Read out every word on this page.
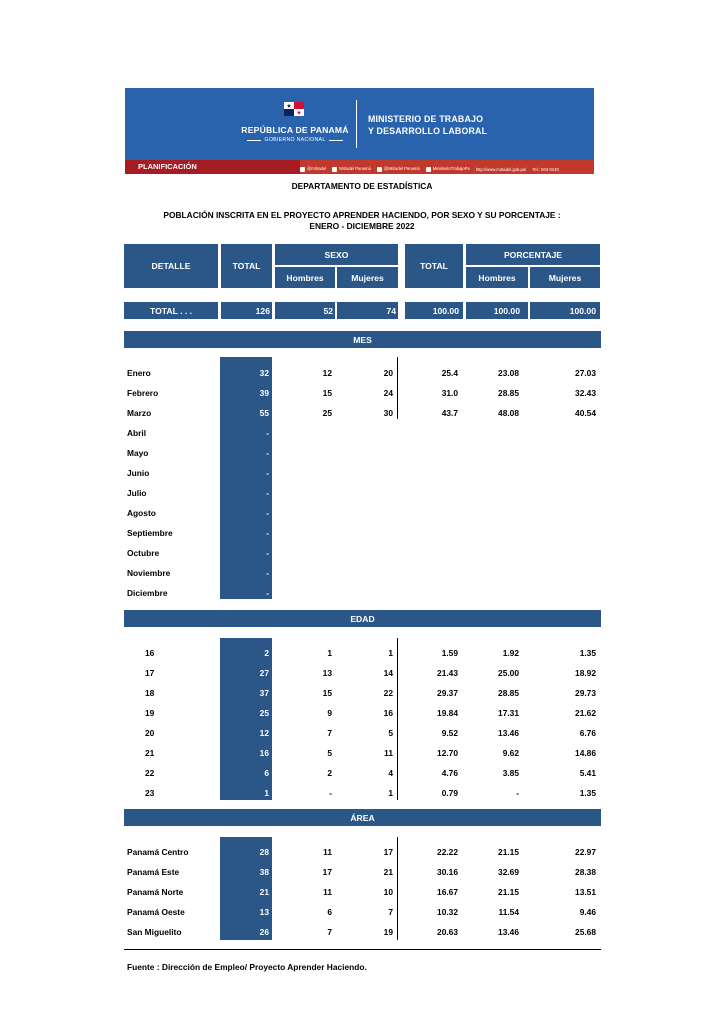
REPÚBLICA DE PANAMÁ
GOBIERNO NACIONAL
MINISTERIO DE TRABAJO
Y DESARROLLO LABORAL
PLANIFICACIÓN	@mitradel	Mitradel Panamá	@Mitradel Panamá	MinisterioTrabajoPa http://www.mitradel.gob.pa/ Tel.: 504-0240
DEPARTAMENTO DE ESTADÍSTICA
POBLACIÓN INSCRITA EN EL PROYECTO APRENDER HACIENDO, POR SEXO Y SU PORCENTAJE :
ENERO - DICIEMBRE 2022
DETALLE	TOTAL
SEXO
Hombres	Mujeres
TOTAL
PORCENTAJE
Hombres	Mujeres
TOTAL . . .	126	52	74	100.00	100.00	100.00
MES
Enero	32	12	20	25.4	23.08	27.03
Febrero	39	15	24	31.0	28.85	32.43
Marzo	55	25	30	43.7	48.08	40.54
Abril	-
Mayo	-
Junio	-
Julio	-
Agosto	-
Septiembre	-
Octubre	-
Noviembre	-
Diciembre	-
EDAD
16	2	1	1	1.59	1.92	1.35
17	27	13	14	21.43	25.00	18.92
18	37	15	22	29.37	28.85	29.73
19	25	9	16	19.84	17.31	21.62
20	12	7	5	9.52	13.46	6.76
21	16	5	11	12.70	9.62	14.86
22	6	2	4	4.76	3.85	5.41
23	1	-	1	0.79	-	1.35
ÁREA
Panamá Centro	28	11	17	22.22	21.15	22.97
Panamá Este	38	17	21	30.16	32.69	28.38
Panamá Norte	21	11	10	16.67	21.15	13.51
Panamá Oeste	13	6	7	10.32	11.54	9.46
San Miguelito	26	7	19	20.63	13.46	25.68
Fuente : Dirección de Empleo/ Proyecto Aprender Haciendo.
